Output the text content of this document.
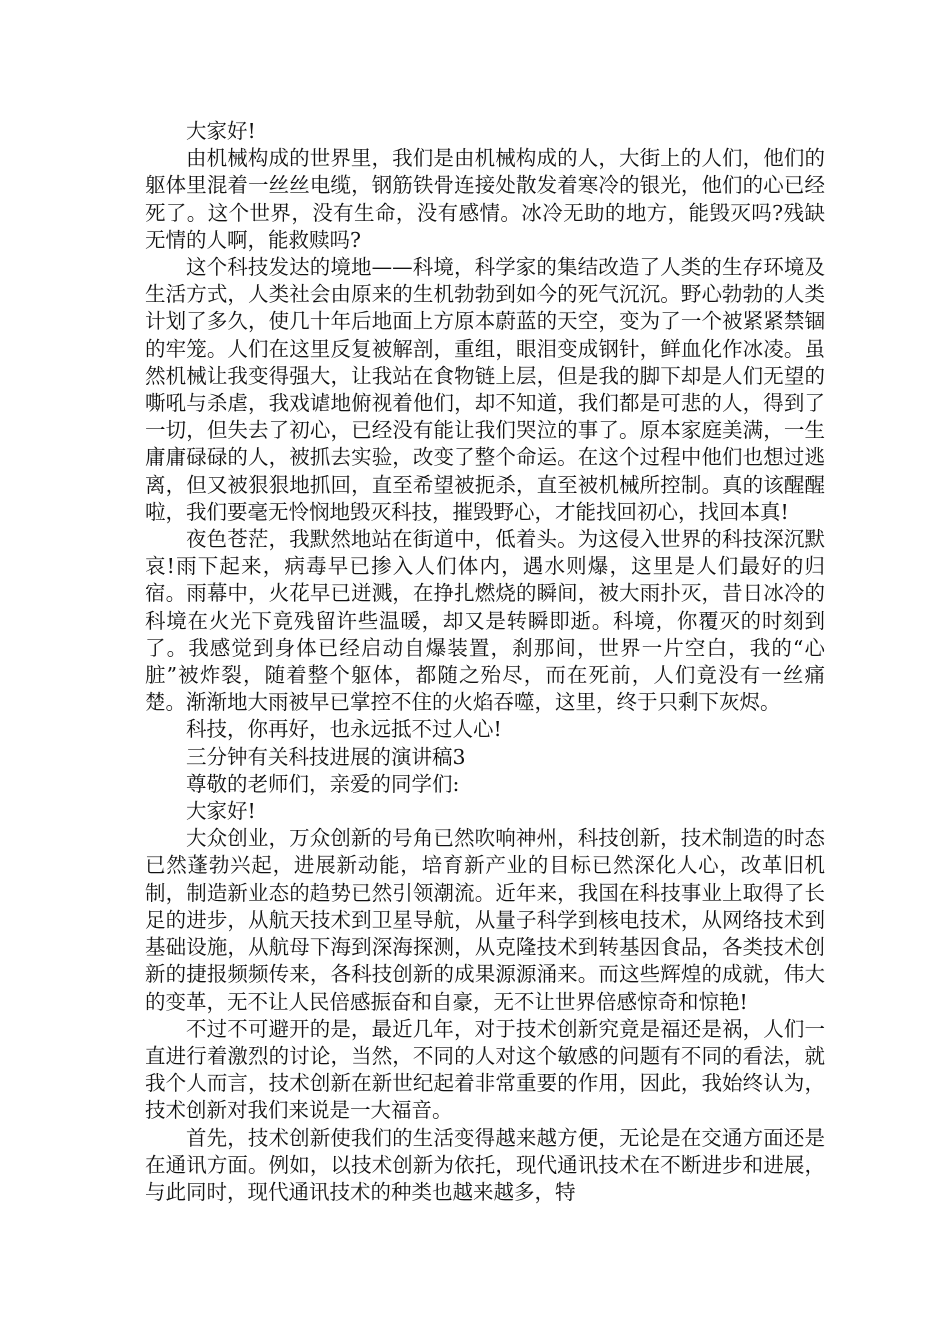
大家好!

由机械构成的世界里，我们是由机械构成的人，大街上的人们，他们的躯体里混着一丝丝电缆，钢筋铁骨连接处散发着寒冷的银光，他们的心已经死了。这个世界，没有生命，没有感情。冰冷无助的地方，能毁灭吗?残缺无情的人啊，能救赎吗?

这个科技发达的境地——科境，科学家的集结改造了人类的生存环境及生活方式，人类社会由原来的生机勃勃到如今的死气沉沉。野心勃勃的人类计划了多久，使几十年后地面上方原本蔚蓝的天空，变为了一个被紧紧禁锢的牢笼。人们在这里反复被解剖，重组，眼泪变成钢针，鲜血化作冰凌。虽然机械让我变得强大，让我站在食物链上层，但是我的脚下却是人们无望的嘶吼与杀虐，我戏谑地俯视着他们，却不知道，我们都是可悲的人，得到了一切，但失去了初心，已经没有能让我们哭泣的事了。原本家庭美满，一生庸庸碌碌的人，被抓去实验，改变了整个命运。在这个过程中他们也想过逃离，但又被狠狠地抓回，直至希望被扼杀，直至被机械所控制。真的该醒醒啦，我们要毫无怜悯地毁灭科技，摧毁野心，才能找回初心，找回本真!

夜色苍茫，我默然地站在街道中，低着头。为这侵入世界的科技深沉默哀!雨下起来，病毒早已掺入人们体内，遇水则爆，这里是人们最好的归宿。雨幕中，火花早已迸溅，在挣扎燃烧的瞬间，被大雨扑灭，昔日冰冷的科境在火光下竟残留许些温暖，却又是转瞬即逝。科境，你覆灭的时刻到了。我感觉到身体已经启动自爆装置，刹那间，世界一片空白，我的“心脏”被炸裂，随着整个躯体，都随之殆尽，而在死前，人们竟没有一丝痛楚。渐渐地大雨被早已掌控不住的火焰吞噬，这里，终于只剩下灰烬。

科技，你再好，也永远抵不过人心!

三分钟有关科技进展的演讲稿3

尊敬的老师们，亲爱的同学们:

大家好!

大众创业，万众创新的号角已然吹响神州，科技创新，技术制造的时态已然蓬勃兴起，进展新动能，培育新产业的目标已然深化人心，改革旧机制，制造新业态的趋势已然引领潮流。近年来，我国在科技事业上取得了长足的进步，从航天技术到卫星导航，从量子科学到核电技术，从网络技术到基础设施，从航母下海到深海探测，从克隆技术到转基因食品，各类技术创新的捷报频频传来，各科技创新的成果源源涌来。而这些辉煌的成就，伟大的变革，无不让人民倍感振奋和自豪，无不让世界倍感惊奇和惊艳!

不过不可避开的是，最近几年，对于技术创新究竟是福还是祸，人们一直进行着激烈的讨论，当然，不同的人对这个敏感的问题有不同的看法，就我个人而言，技术创新在新世纪起着非常重要的作用，因此，我始终认为，技术创新对我们来说是一大福音。

首先，技术创新使我们的生活变得越来越方便，无论是在交通方面还是在通讯方面。例如，以技术创新为依托，现代通讯技术在不断进步和进展，与此同时，现代通讯技术的种类也越来越多，特
